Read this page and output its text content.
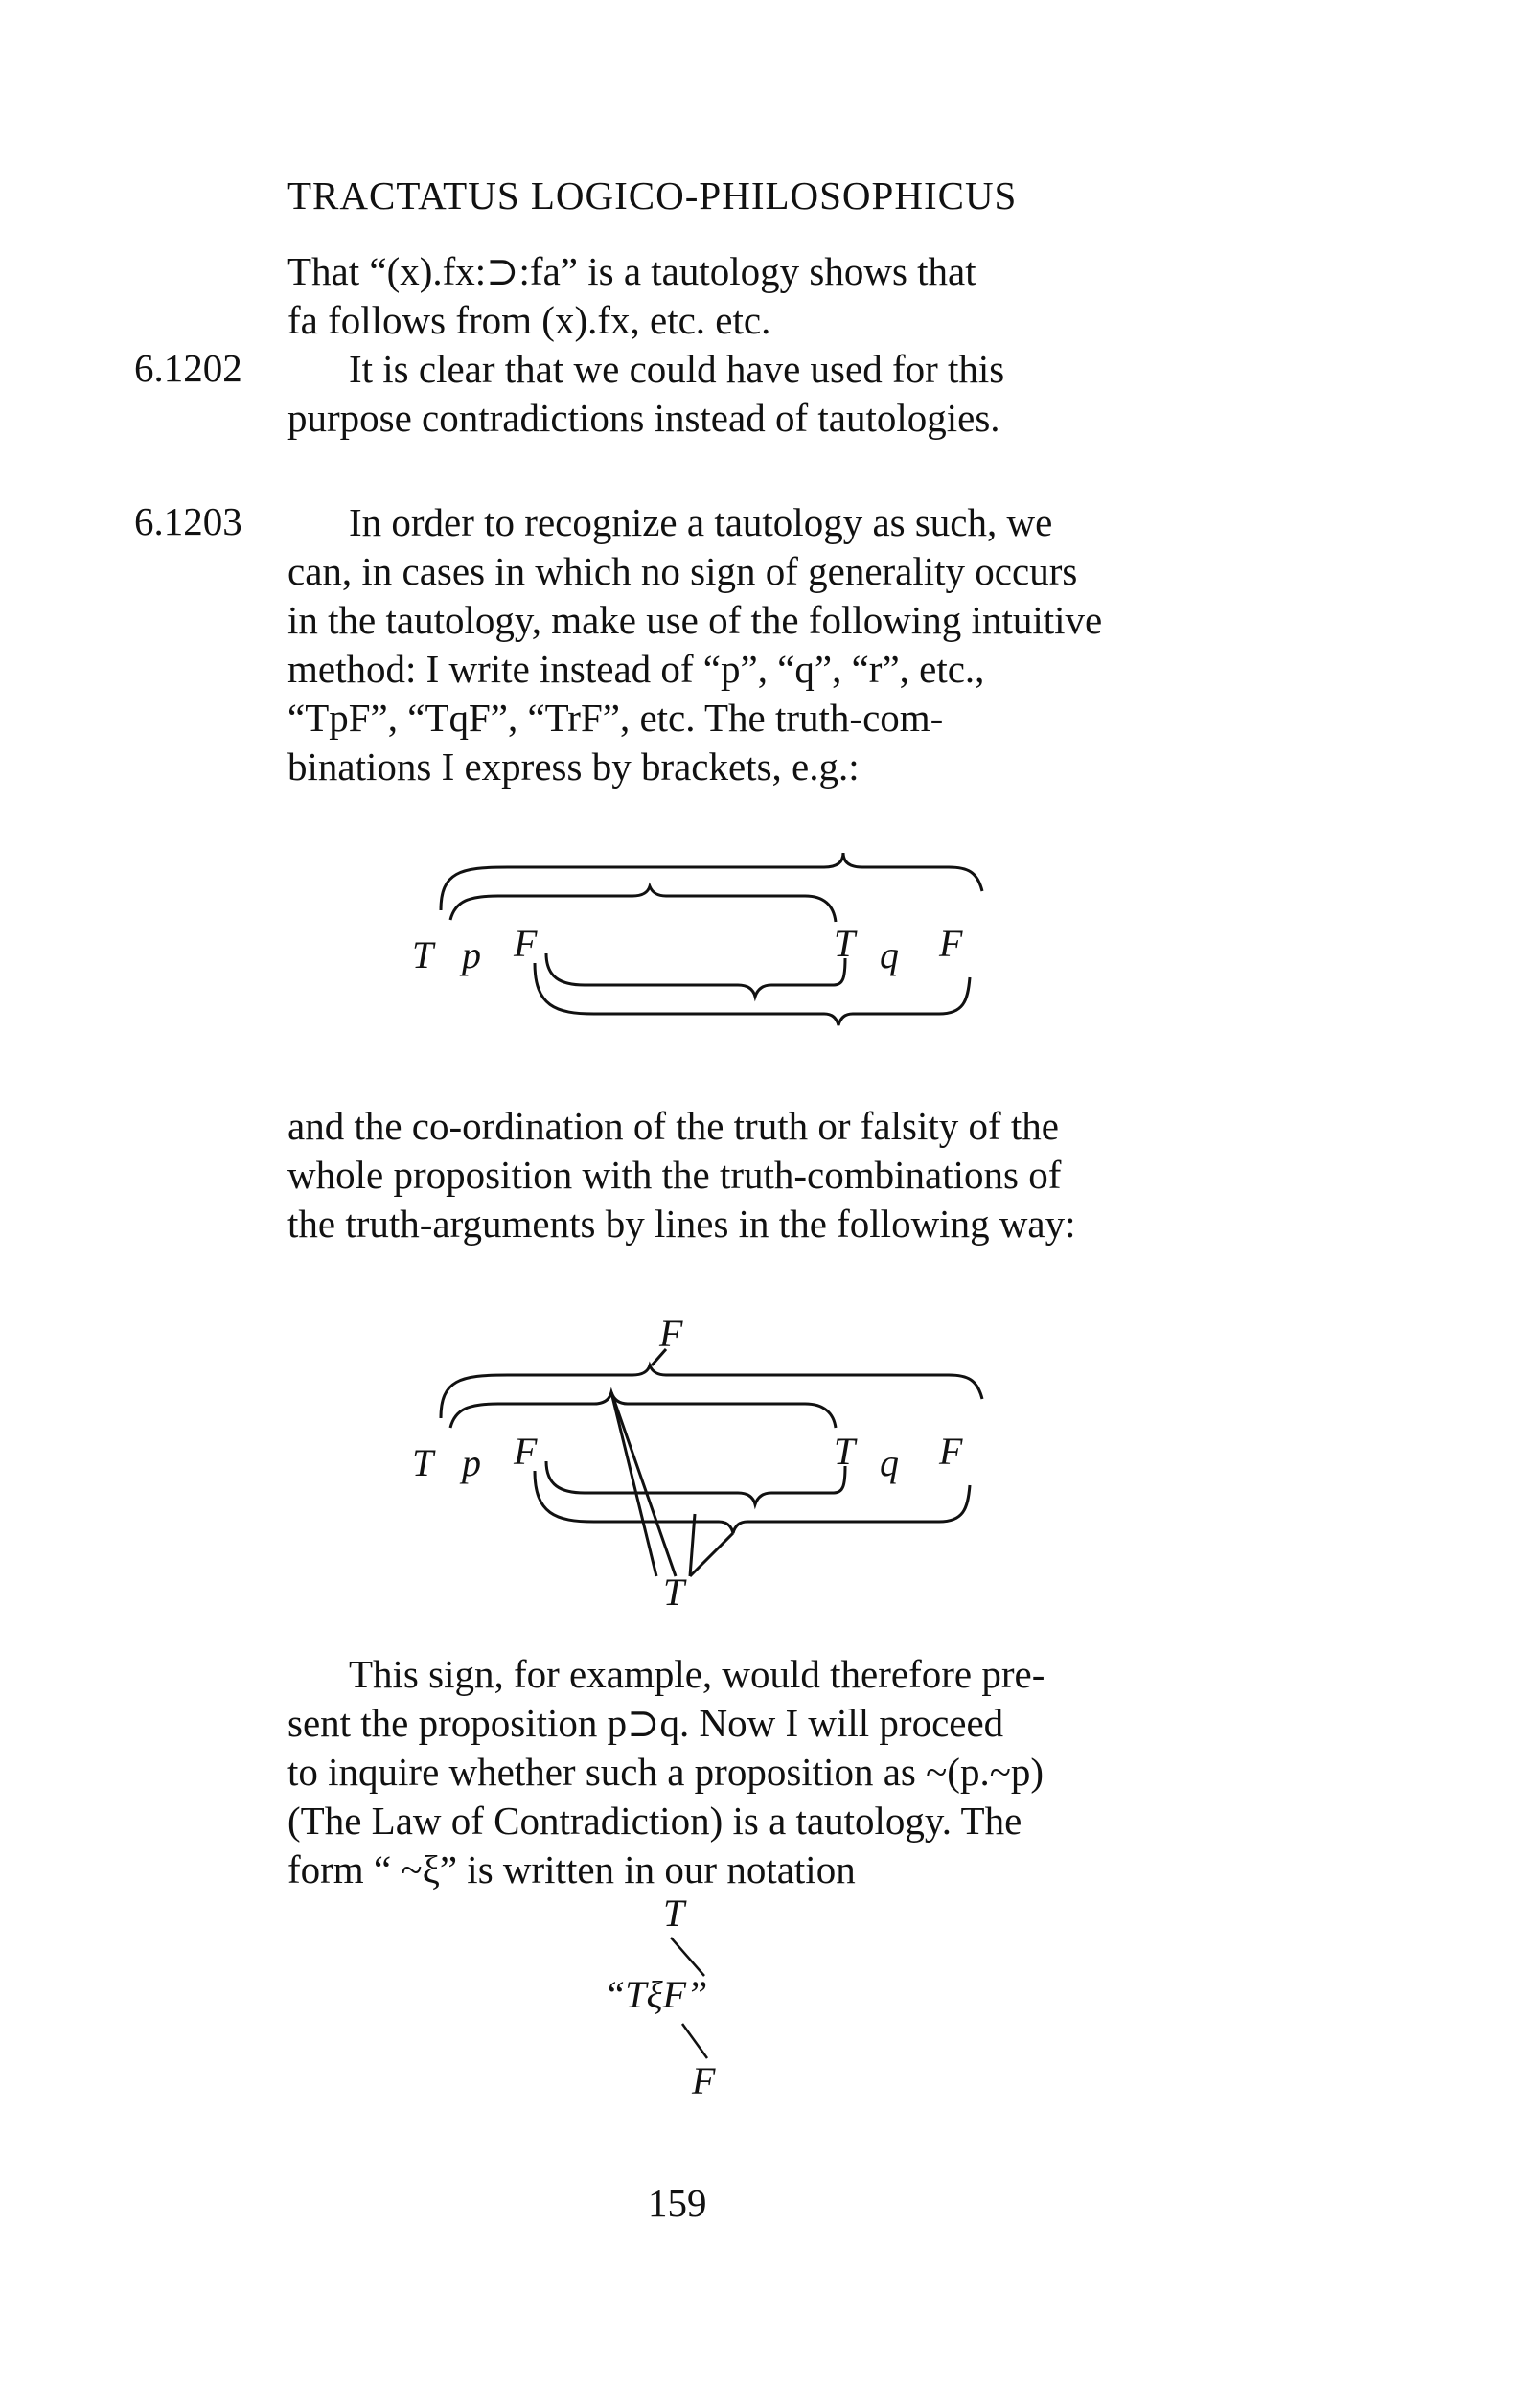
TRACTATUS LOGICO-PHILOSOPHICUS
That “(x).fx:⊃:fa” is a tautology shows that
fa follows from (x).fx, etc. etc.
6.1202	It is clear that we could have used for this
purpose contradictions instead of tautologies.
6.1203	In order to recognize a tautology as such, we
can, in cases in which no sign of generality occurs
in the tautology, make use of the following intuitive
method: I write instead of “p”, “q”, “r”, etc.,
“TpF”, “TqF”, “TrF”, etc. The truth-com-
binations I express by brackets, e.g.:
T p F	T q F
and the co-ordination of the truth or falsity of the
whole proposition with the truth-combinations of
the truth-arguments by lines in the following way:
F
T p F	T q F
T
This sign, for example, would therefore pre-
sent the proposition p⊃q. Now I will proceed
to inquire whether such a proposition as ~(p.~p)
(The Law of Contradiction) is a tautology. The
form “ ~ξ” is written in our notation
T
“TξF”
F
159
